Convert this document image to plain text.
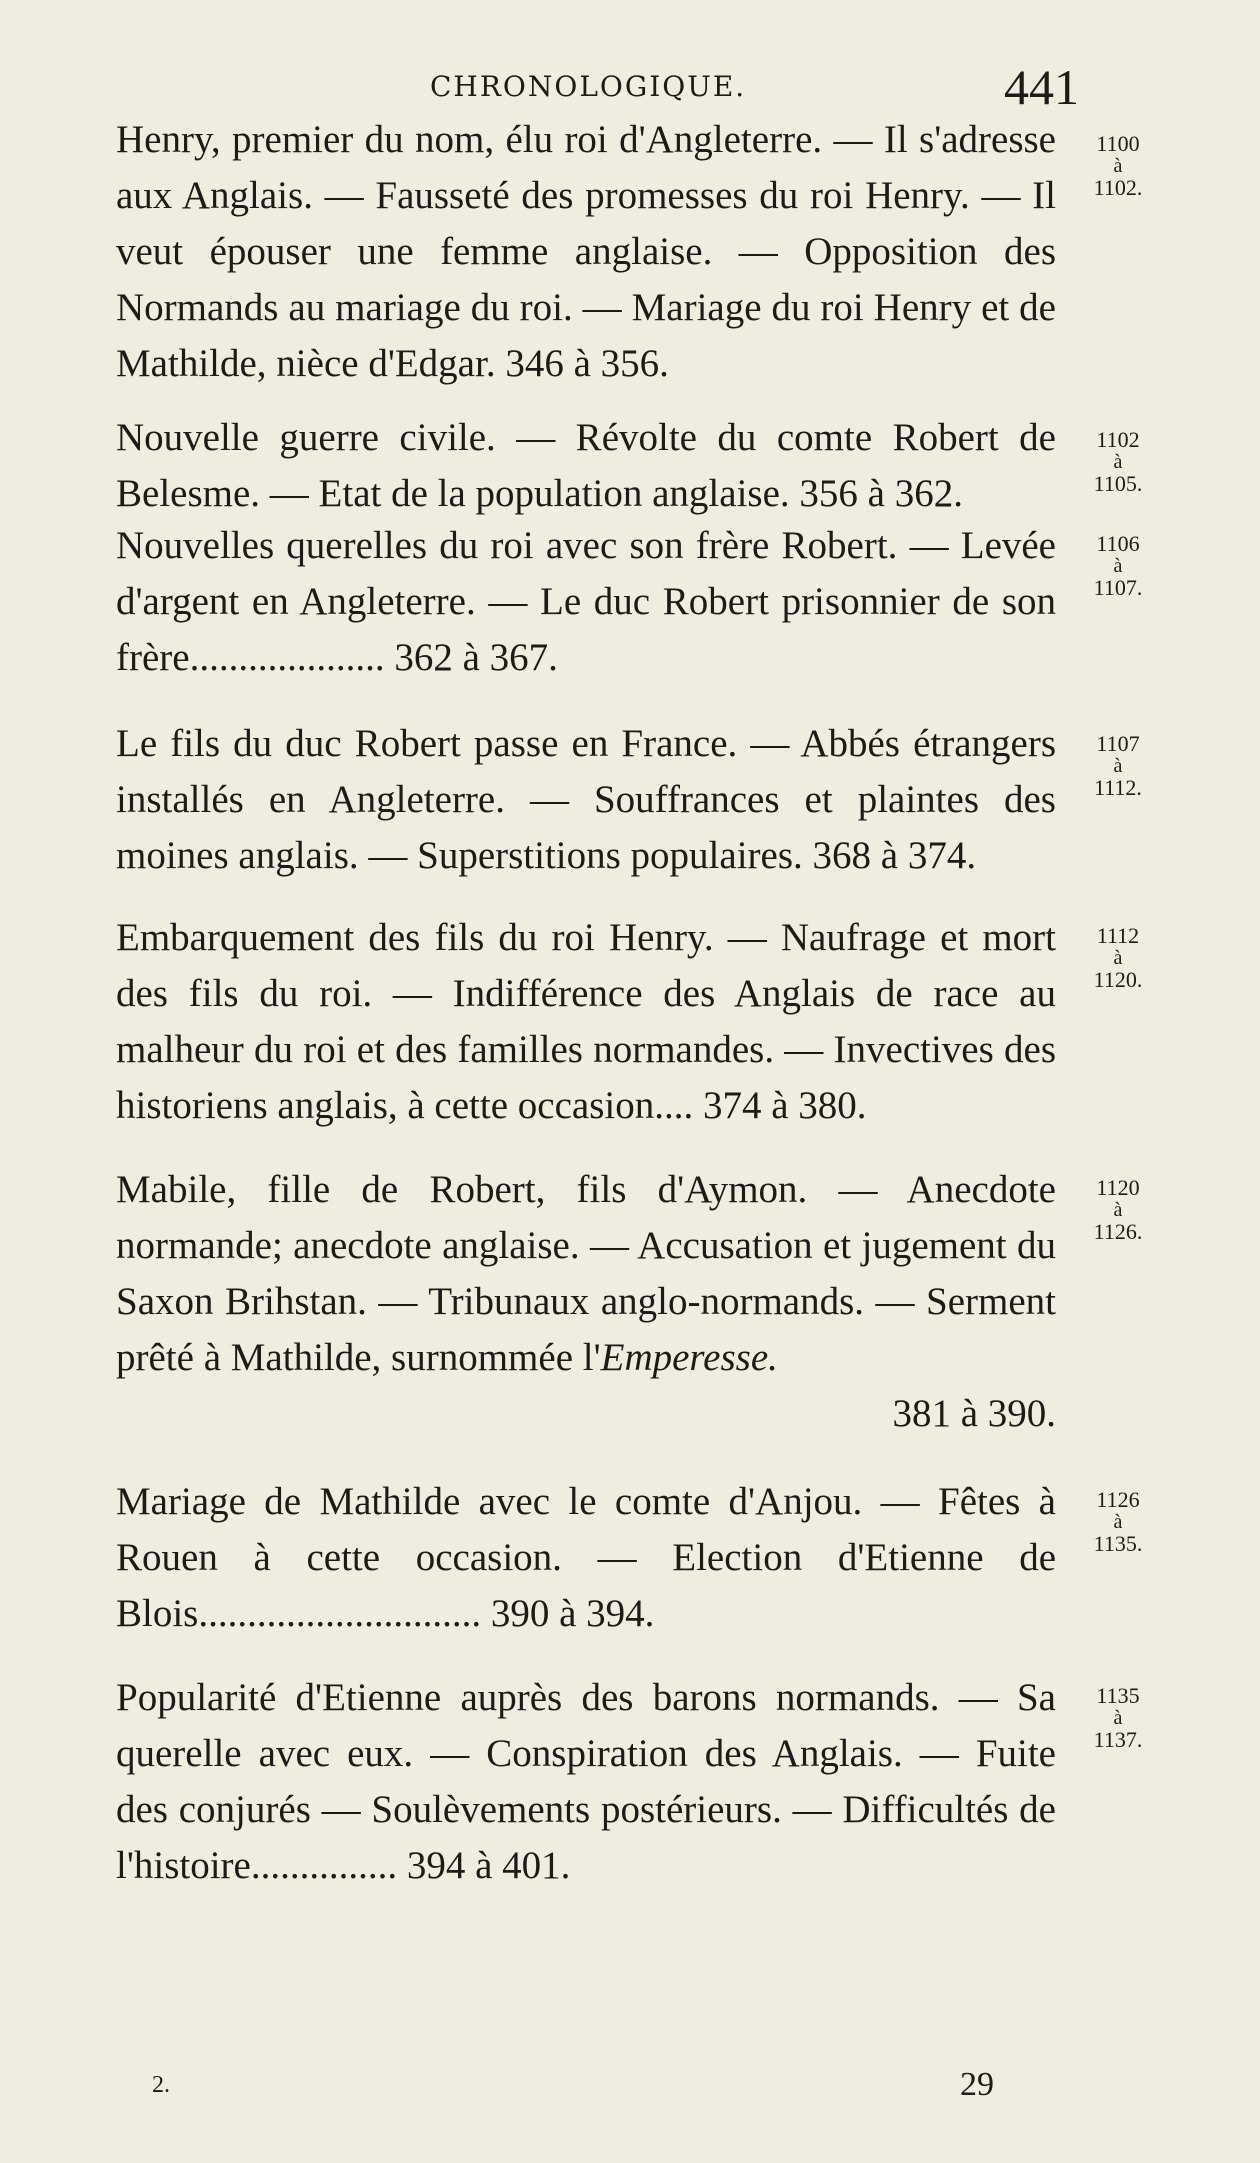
CHRONOLOGIQUE.	441
Henry, premier du nom, élu roi d'Angleterre. — Il s'adresse aux Anglais. — Fausseté des promesses du roi Henry. — Il veut épouser une femme anglaise. — Opposition des Normands au mariage du roi. — Mariage du roi Henry et de Mathilde, nièce d'Edgar. 346 à 356.
1100
à
1102.
Nouvelle guerre civile. — Révolte du comte Robert de Belesme. — Etat de la population anglaise. 356 à 362.
1102
à
1105.
Nouvelles querelles du roi avec son frère Robert. — Levée d'argent en Angleterre. — Le duc Robert prisonnier de son frère.................... 362 à 367.
1106
à
1107.
Le fils du duc Robert passe en France. — Abbés étrangers installés en Angleterre. — Souffrances et plaintes des moines anglais. — Superstitions populaires. 368 à 374.
1107
à
1112.
Embarquement des fils du roi Henry. — Naufrage et mort des fils du roi. — Indifférence des Anglais de race au malheur du roi et des familles normandes. — Invectives des historiens anglais, à cette occasion.... 374 à 380.
1112
à
1120.
Mabile, fille de Robert, fils d'Aymon. — Anecdote normande; anecdote anglaise. — Accusation et jugement du Saxon Brihstan. — Tribunaux anglo-normands. — Serment prêté à Mathilde, surnommée l'Emperesse.
381 à 390.
1120
à
1126.
Mariage de Mathilde avec le comte d'Anjou. — Fêtes à Rouen à cette occasion. — Election d'Etienne de Blois............................. 390 à 394.
1126
à
1135.
Popularité d'Etienne auprès des barons normands. — Sa querelle avec eux. — Conspiration des Anglais. — Fuite des conjurés — Soulèvements postérieurs. — Difficultés de l'histoire............... 394 à 401.
1135
à
1137.
2.	29
